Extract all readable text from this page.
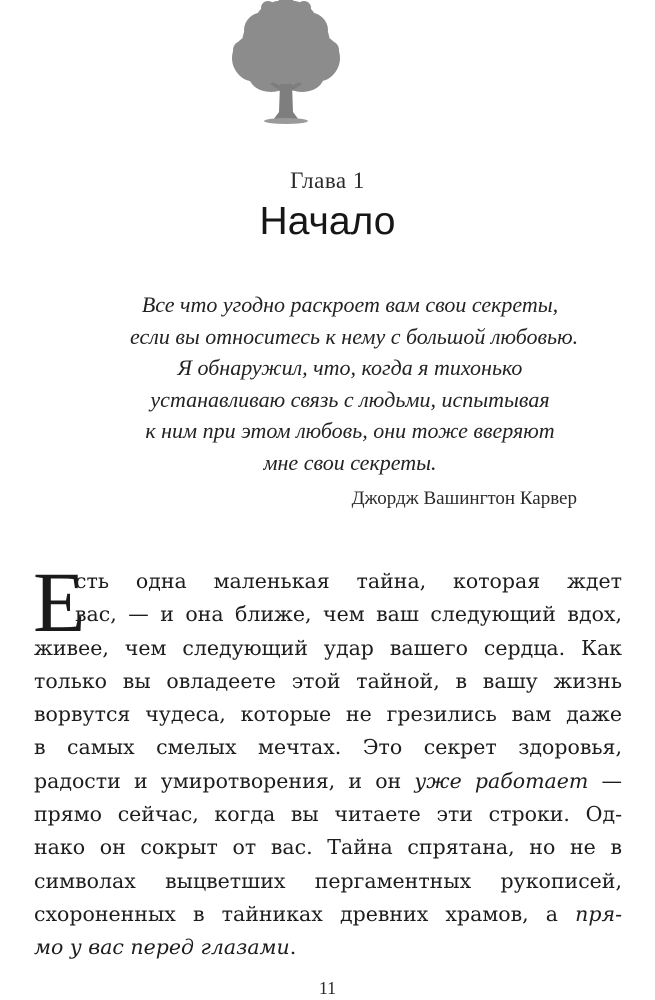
Глава 1
Начало
Все что угодно раскроет вам свои секреты,
если вы относитесь к нему с большой любовью.
Я обнаружил, что, когда я тихонько
устанавливаю связь с людьми, испытывая
к ним при этом любовь, они тоже вверяют
мне свои секреты.
Джордж Вашингтон Карвер
Е
сть одна маленькая тайна, которая ждет
вас, — и она ближе, чем ваш следующий вдох,
живее, чем следующий удар вашего сердца. Как
только вы овладеете этой тайной, в вашу жизнь
ворвутся чудеса, которые не грезились вам даже
в самых смелых мечтах. Это секрет здоровья,
радости и умиротворения, и он уже работает —
прямо сейчас, когда вы читаете эти строки. Од-
нако он сокрыт от вас. Тайна спрятана, но не в
символах выцветших пергаментных рукописей,
схороненных в тайниках древних храмов, а пря-
мо у вас перед глазами.
11
